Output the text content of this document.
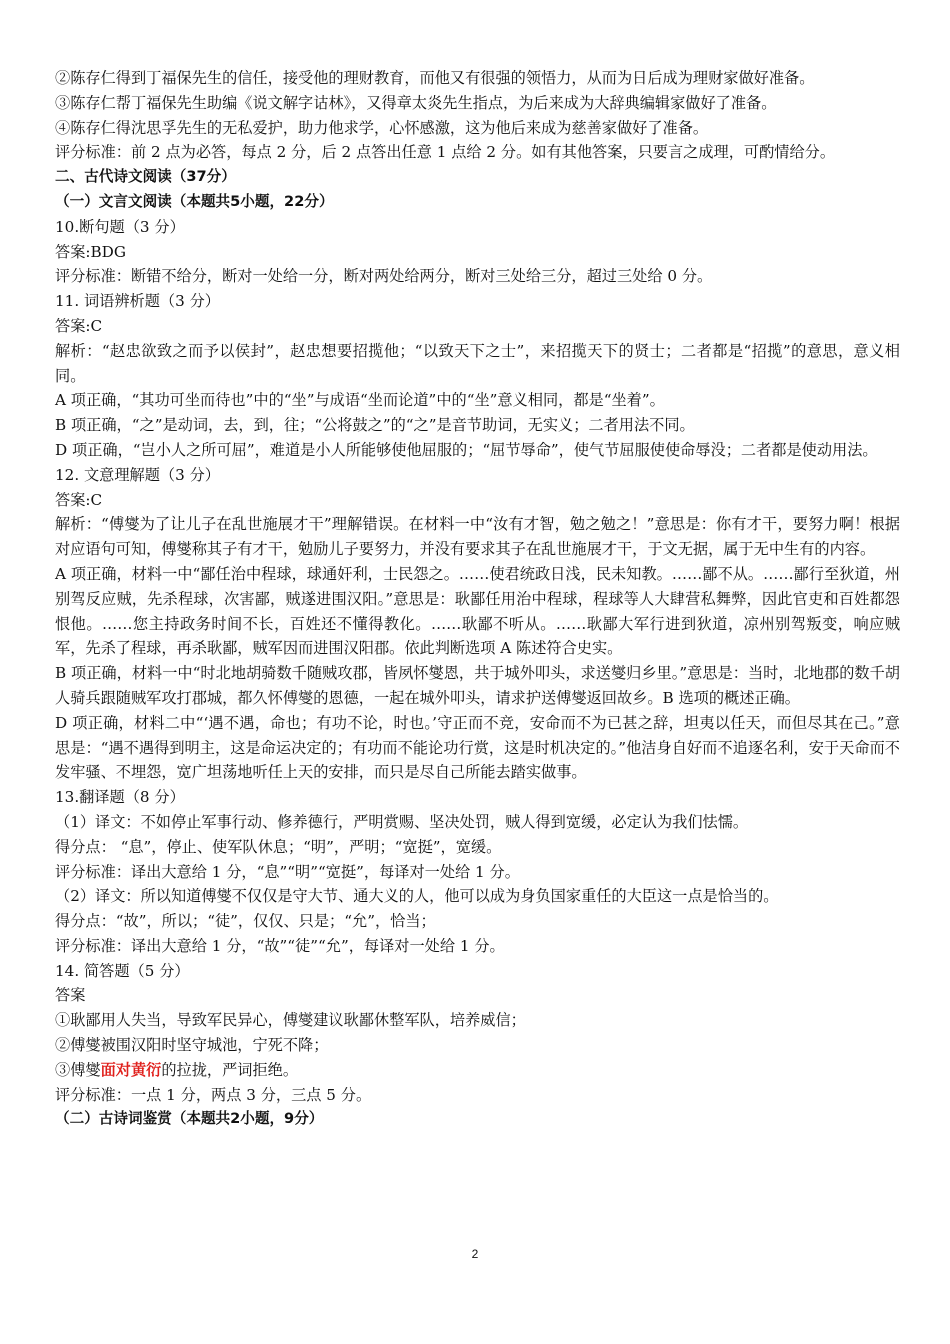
②陈存仁得到丁福保先生的信任，接受他的理财教育，而他又有很强的领悟力，从而为日后成为理财家做好准备。
③陈存仁帮丁福保先生助编《说文解字诂林》，又得章太炎先生指点，为后来成为大辞典编辑家做好了准备。
④陈存仁得沈思孚先生的无私爱护，助力他求学，心怀感激，这为他后来成为慈善家做好了准备。
评分标准：前 2 点为必答，每点 2 分，后 2 点答出任意 1 点给 2 分。如有其他答案，只要言之成理，可酌情给分。
二、古代诗文阅读（37分）
（一）文言文阅读（本题共5小题，22分）
10.断句题（3 分）
答案:BDG
评分标准：断错不给分，断对一处给一分，断对两处给两分，断对三处给三分，超过三处给 0 分。
11. 词语辨析题（3 分）
答案:C
解析：“赵忠欲致之而予以侯封”，赵忠想要招揽他；“以致天下之士”，来招揽天下的贤士；二者都是“招揽”的意思，意义相同。
A 项正确，“其功可坐而待也”中的“坐”与成语“坐而论道”中的“坐”意义相同，都是“坐着”。
B 项正确，“之”是动词，去，到，往；“公将鼓之”的“之”是音节助词，无实义；二者用法不同。
D 项正确，“岂小人之所可屈”，难道是小人所能够使他屈服的；“屈节辱命”，使气节屈服使使命辱没；二者都是使动用法。
12. 文意理解题（3 分）
答案:C
解析：“傅燮为了让儿子在乱世施展才干”理解错误。在材料一中“汝有才智，勉之勉之！”意思是：你有才干，要努力啊！根据对应语句可知，傅燮称其子有才干，勉励儿子要努力，并没有要求其子在乱世施展才干，于文无据，属于无中生有的内容。
A 项正确，材料一中“鄙任治中程球，球通奸利，士民怨之。……使君统政日浅，民未知教。……鄙不从。……鄙行至狄道，州别驾反应贼，先杀程球，次害鄙，贼遂进围汉阳。”意思是：耿鄙任用治中程球，程球等人大肆营私舞弊，因此官吏和百姓都怨恨他。……您主持政务时间不长，百姓还不懂得教化。……耿鄙不听从。……耿鄙大军行进到狄道，凉州别驾叛变，响应贼军，先杀了程球，再杀耿鄙，贼军因而进围汉阳郡。依此判断选项 A 陈述符合史实。
B 项正确，材料一中“时北地胡骑数千随贼攻郡，皆夙怀燮恩，共于城外叩头，求送燮归乡里。”意思是：当时，北地郡的数千胡人骑兵跟随贼军攻打郡城，都久怀傅燮的恩德，一起在城外叩头，请求护送傅燮返回故乡。B 选项的概述正确。
D 项正确，材料二中“‘遇不遇，命也；有功不论，时也。’守正而不竞，安命而不为已甚之辞，坦夷以任天，而但尽其在己。”意思是：“遇不遇得到明主，这是命运决定的；有功而不能论功行赏，这是时机决定的。”他洁身自好而不追逐名利，安于天命而不发牢骚、不埋怨，宽广坦荡地听任上天的安排，而只是尽自己所能去踏实做事。
13.翻译题（8 分）
（1）译文：不如停止军事行动、修养德行，严明赏赐、坚决处罚，贼人得到宽缓，必定认为我们怯懦。
得分点： “息”，停止、使军队休息；“明”，严明；“宽挺”，宽缓。
评分标准：译出大意给 1 分，“息”“明”“宽挺”，每译对一处给 1 分。
（2）译文：所以知道傅燮不仅仅是守大节、通大义的人，他可以成为身负国家重任的大臣这一点是恰当的。
得分点：“故”，所以；“徒”，仅仅、只是；“允”，恰当；
评分标准：译出大意给 1 分，“故”“徒”“允”，每译对一处给 1 分。
14. 简答题（5 分）
答案
①耿鄙用人失当，导致军民异心，傅燮建议耿鄙休整军队，培养威信；
②傅燮被围汉阳时坚守城池，宁死不降；
③傅燮面对黄衍的拉拢，严词拒绝。
评分标准：一点 1 分，两点 3 分，三点 5 分。
（二）古诗词鉴赏（本题共2小题，9分）
2
